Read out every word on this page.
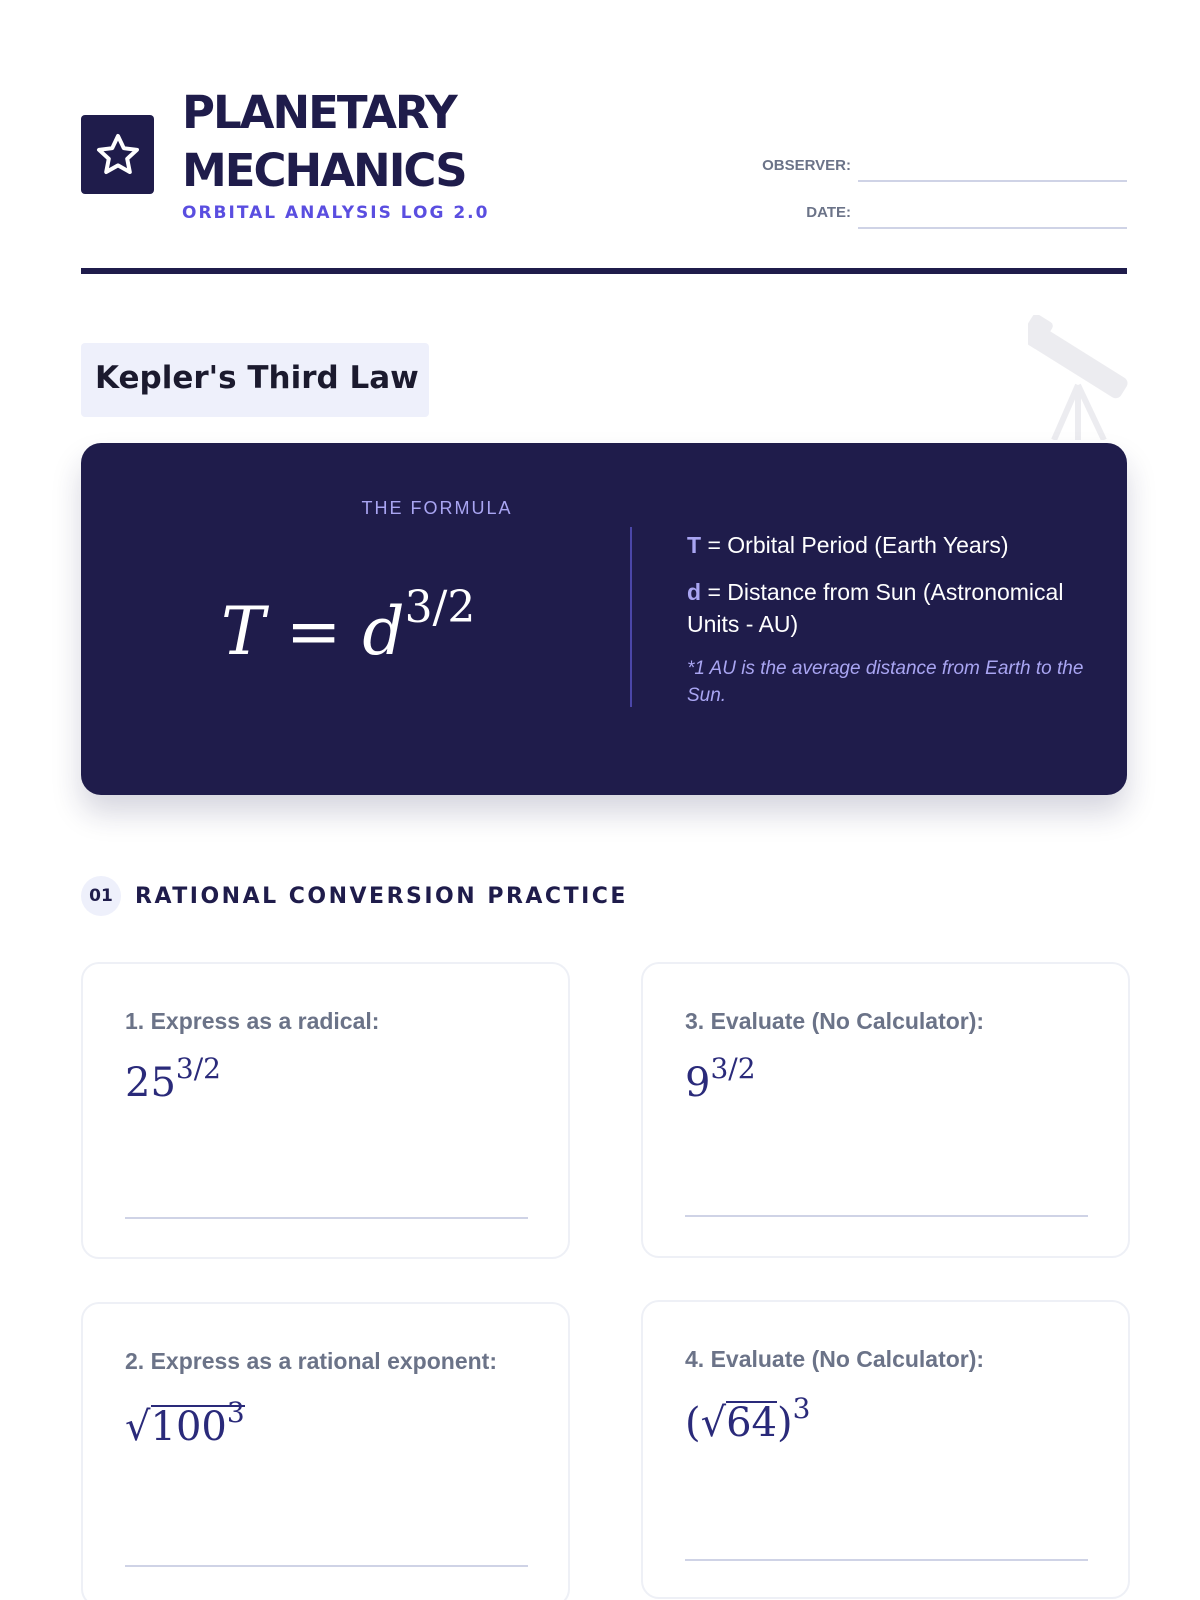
PLANETARY
MECHANICS
ORBITAL ANALYSIS LOG 2.0
OBSERVER:
DATE:
Kepler's Third Law
THE FORMULA
$T = d^{3/2}$
T = Orbital Period (Earth Years)
d = Distance from Sun (Astronomical Units - AU)
*1 AU is the average distance from Earth to the Sun.
01	RATIONAL CONVERSION PRACTICE
1. Express as a radical:
$25^{3/2}$
3. Evaluate (No Calculator):
$9^{3/2}$
2. Express as a rational exponent:
$√100^3$
4. Evaluate (No Calculator):
$(√64)^3$
